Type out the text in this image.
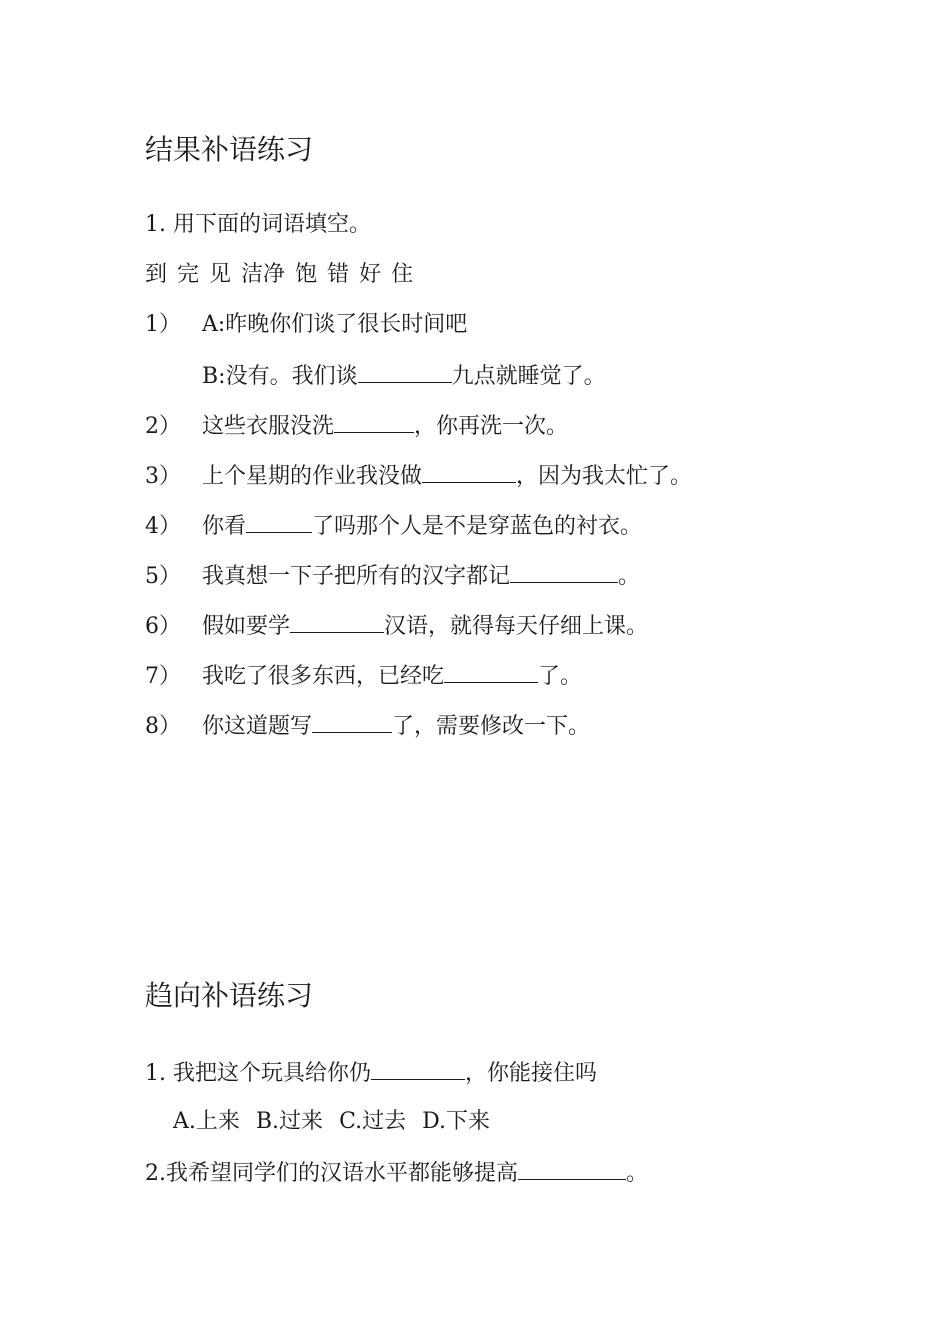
结果补语练习
1. 用下面的词语填空。
到 完 见 洁净 饱 错 好 住
1） A:昨晚你们谈了很长时间吧
B:没有。我们谈	九点就睡觉了。
2） 这些衣服没洗	，你再洗一次。
3） 上个星期的作业我没做	，因为我太忙了。
4） 你看	了吗那个人是不是穿蓝色的衬衣。
5） 我真想一下子把所有的汉字都记	。
6） 假如要学	汉语，就得每天仔细上课。
7） 我吃了很多东西，已经吃	了。
8） 你这道题写	了，需要修改一下。
趋向补语练习
1. 我把这个玩具给你仍	，你能接住吗
A.上来 B.过来 C.过去 D.下来
2.我希望同学们的汉语水平都能够提高	。
